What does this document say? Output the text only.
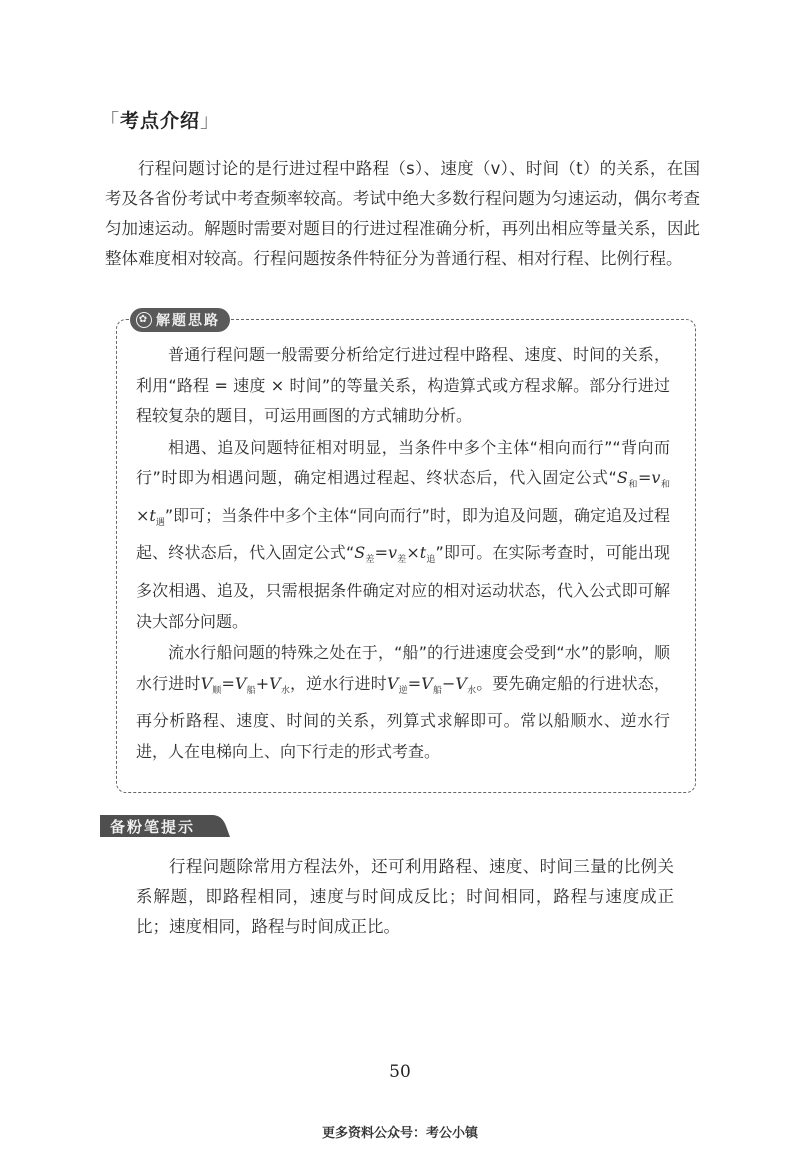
「考点介绍」

行程问题讨论的是行进过程中路程（s）、速度（v）、时间（t）的关系，在国考及各省份考试中考查频率较高。考试中绝大多数行程问题为匀速运动，偶尔考查匀加速运动。解题时需要对题目的行进过程准确分析，再列出相应等量关系，因此整体难度相对较高。行程问题按条件特征分为普通行程、相对行程、比例行程。

✿ 解题思路

普通行程问题一般需要分析给定行进过程中路程、速度、时间的关系，利用“路程 = 速度 × 时间”的等量关系，构造算式或方程求解。部分行进过程较复杂的题目，可运用画图的方式辅助分析。

相遇、追及问题特征相对明显，当条件中多个主体“相向而行”“背向而行”时即为相遇问题，确定相遇过程起、终状态后，代入固定公式“$S_和=v_和\times t_遇$”即可；当条件中多个主体“同向而行”时，即为追及问题，确定追及过程起、终状态后，代入固定公式“$S_差=v_差\times t_追$”即可。在实际考查时，可能出现多次相遇、追及，只需根据条件确定对应的相对运动状态，代入公式即可解决大部分问题。

流水行船问题的特殊之处在于，“船”的行进速度会受到“水”的影响，顺水行进时$V_顺=V_船+V_水$，逆水行进时$V_逆=V_船-V_水$。要先确定船的行进状态，再分析路程、速度、时间的关系，列算式求解即可。常以船顺水、逆水行进，人在电梯向上、向下行走的形式考查。

备粉笔提示

行程问题除常用方程法外，还可利用路程、速度、时间三量的比例关系解题，即路程相同，速度与时间成反比；时间相同，路程与速度成正比；速度相同，路程与时间成正比。

50
更多资料公众号：考公小镇
